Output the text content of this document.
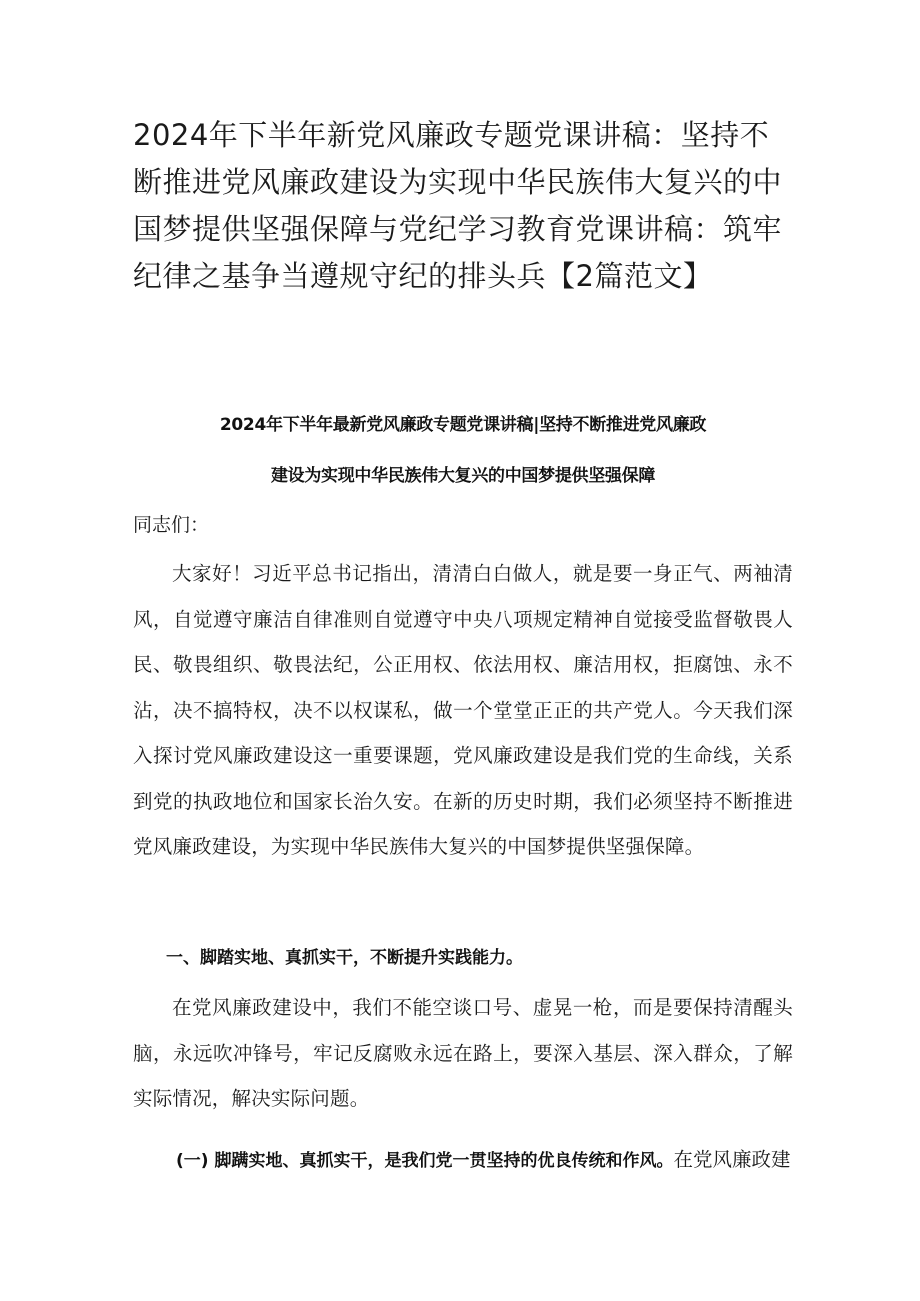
2024年下半年新党风廉政专题党课讲稿：坚持不断推进党风廉政建设为实现中华民族伟大复兴的中国梦提供坚强保障与党纪学习教育党课讲稿：筑牢纪律之基争当遵规守纪的排头兵【2篇范文】

2024年下半年最新党风廉政专题党课讲稿|坚持不断推进党风廉政

建设为实现中华民族伟大复兴的中国梦提供坚强保障

同志们：

大家好！习近平总书记指出，清清白白做人，就是要一身正气、两袖清风，自觉遵守廉洁自律准则自觉遵守中央八项规定精神自觉接受监督敬畏人民、敬畏组织、敬畏法纪，公正用权、依法用权、廉洁用权，拒腐蚀、永不沾，决不搞特权，决不以权谋私，做一个堂堂正正的共产党人。今天我们深入探讨党风廉政建设这一重要课题，党风廉政建设是我们党的生命线，关系到党的执政地位和国家长治久安。在新的历史时期，我们必须坚持不断推进党风廉政建设，为实现中华民族伟大复兴的中国梦提供坚强保障。

一、脚踏实地、真抓实干，不断提升实践能力。

在党风廉政建设中，我们不能空谈口号、虚晃一枪，而是要保持清醒头脑，永远吹冲锋号，牢记反腐败永远在路上，要深入基层、深入群众，了解实际情况，解决实际问题。

(一) 脚蹒实地、真抓实干，是我们党一贯坚持的优良传统和作风。在党风廉政建
